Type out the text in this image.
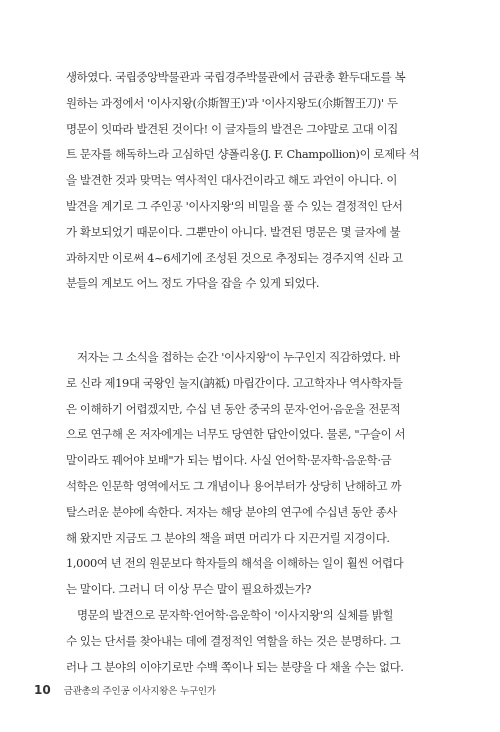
생하였다. 국립중앙박물관과 국립경주박물관에서 금관총 환두대도를 복
원하는 과정에서 '이사지왕(尒斯智王)'과 '이사지왕도(尒斯智王刀)' 두
명문이 잇따라 발견된 것이다! 이 글자들의 발견은 그야말로 고대 이집
트 문자를 해독하느라 고심하던 샹폴리옹(J. F. Champollion)이 로제타 석
을 발견한 것과 맞먹는 역사적인 대사건이라고 해도 과언이 아니다. 이
발견을 계기로 그 주인공 '이사지왕'의 비밀을 풀 수 있는 결정적인 단서
가 확보되었기 때문이다. 그뿐만이 아니다. 발견된 명문은 몇 글자에 불
과하지만 이로써 4~6세기에 조성된 것으로 추정되는 경주지역 신라 고
분들의 계보도 어느 정도 가닥을 잡을 수 있게 되었다.
저자는 그 소식을 접하는 순간 '이사지왕'이 누구인지 직감하였다. 바
로 신라 제19대 국왕인 눌지(訥祗) 마립간이다. 고고학자나 역사학자들
은 이해하기 어렵겠지만, 수십 년 동안 중국의 문자·언어·음운을 전문적
으로 연구해 온 저자에게는 너무도 당연한 답안이었다. 물론, "구슬이 서
말이라도 꿰어야 보배"가 되는 법이다. 사실 언어학·문자학·음운학·금
석학은 인문학 영역에서도 그 개념이나 용어부터가 상당히 난해하고 까
탈스러운 분야에 속한다. 저자는 해당 분야의 연구에 수십년 동안 종사
해 왔지만 지금도 그 분야의 책을 펴면 머리가 다 지끈거릴 지경이다.
1,000여 년 전의 원문보다 학자들의 해석을 이해하는 일이 훨씬 어렵다
는 말이다. 그러니 더 이상 무슨 말이 필요하겠는가?
명문의 발견으로 문자학·언어학·음운학이 '이사지왕'의 실체를 밝힐
수 있는 단서를 찾아내는 데에 결정적인 역할을 하는 것은 분명하다. 그
러나 그 분야의 이야기로만 수백 쪽이나 되는 분량을 다 채울 수는 없다.
10 금관총의 주인공 이사지왕은 누구인가
